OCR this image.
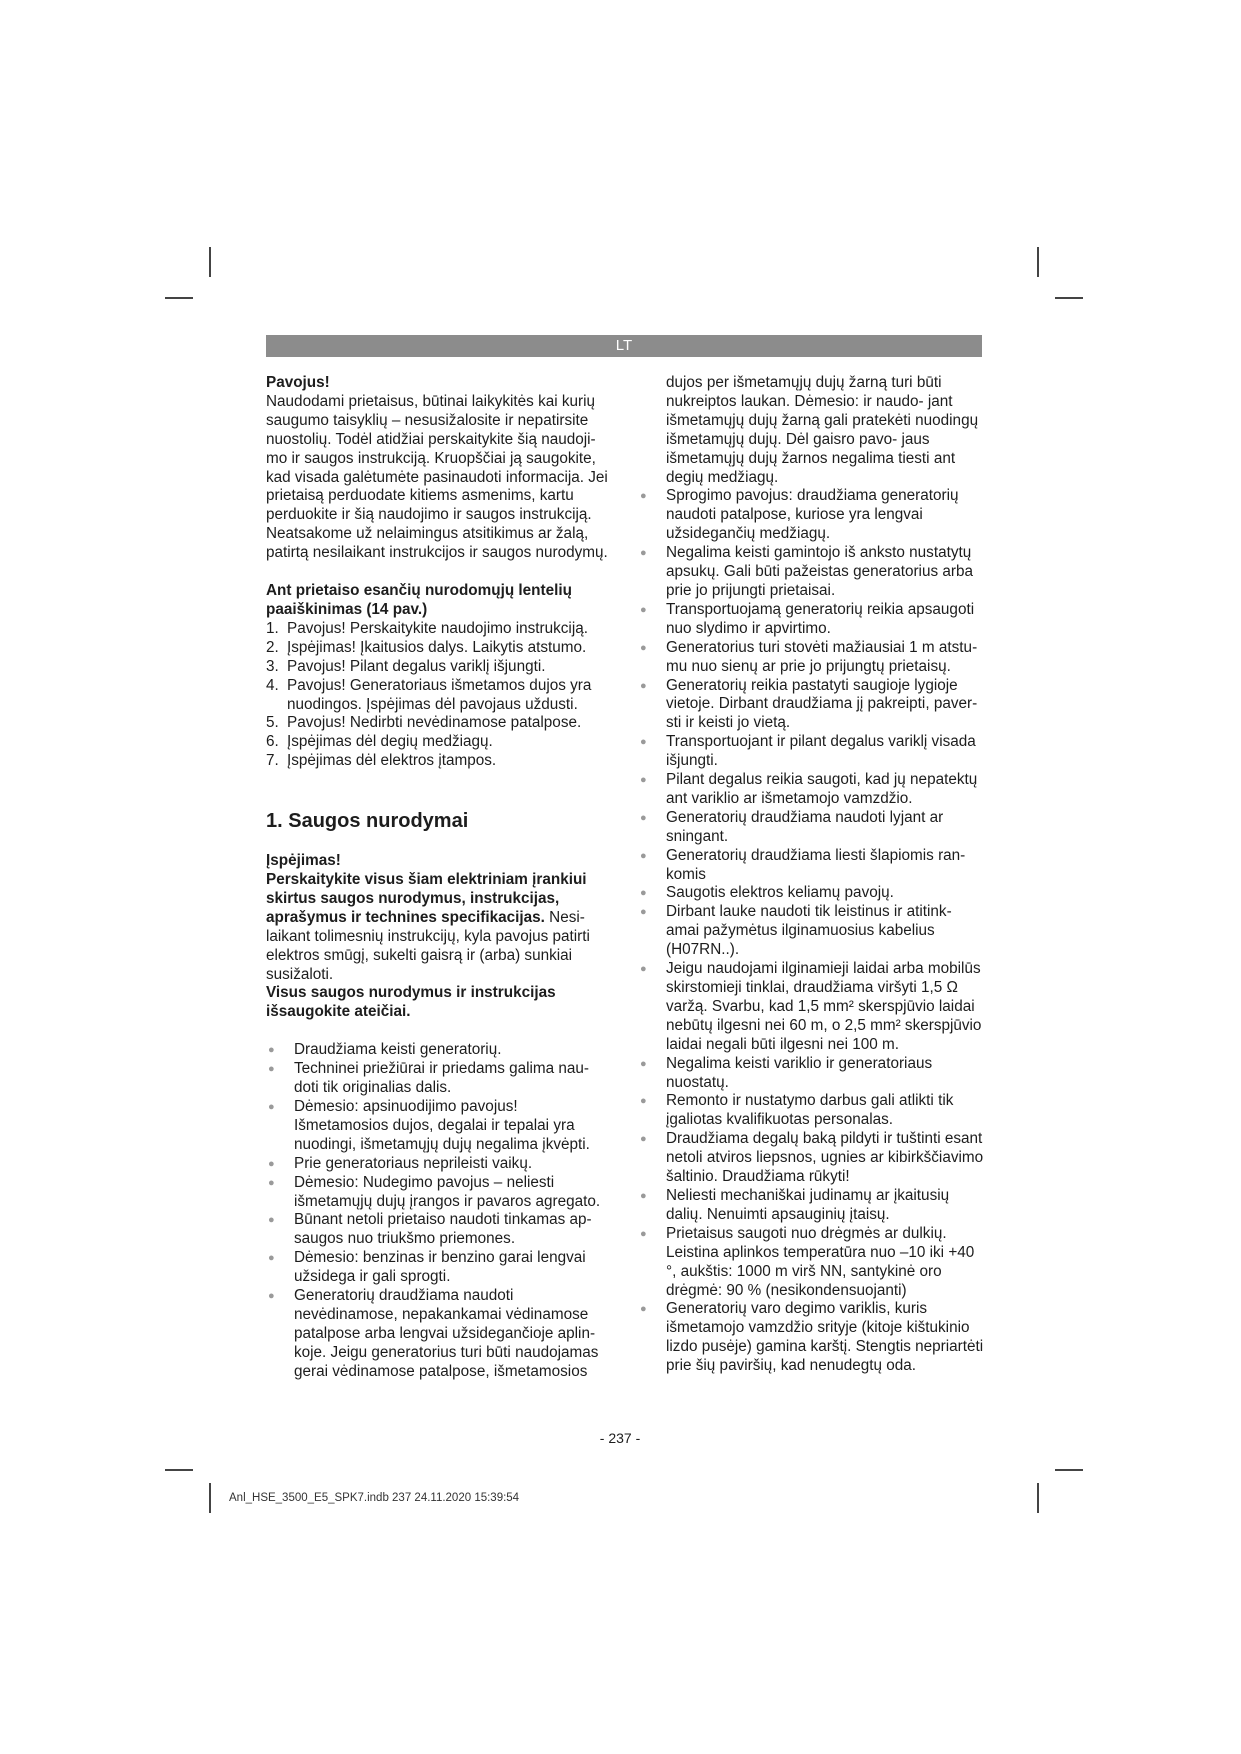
LT

Pavojus!

Naudodami prietaisus, būtinai laikykitės kai kurių saugumo taisyklių – nesusižalosite ir nepatirsite nuostolių. Todėl atidžiai perskaitykite šią naudoji- mo ir saugos instrukciją. Kruopščiai ją saugokite, kad visada galėtumėte pasinaudoti informacija. Jei prietaisą perduodate kitiems asmenims, kartu perduokite ir šią naudojimo ir saugos instrukciją. Neatsakome už nelaimingus atsitikimus ar žalą, patirtą nesilaikant instrukcijos ir saugos nurodymų.

Ant prietaiso esančių nurodomųjų lentelių paaiškinimas (14 pav.)

1. Pavojus! Perskaitykite naudojimo instrukciją.
2. Įspėjimas! Įkaitusios dalys. Laikytis atstumo.
3. Pavojus! Pilant degalus variklį išjungti.
4. Pavojus! Generatoriaus išmetamos dujos yra nuodingos. Įspėjimas dėl pavojaus uždusti.
5. Pavojus! Nedirbti nevėdinamose patalpose.
6. Įspėjimas dėl degių medžiagų.
7. Įspėjimas dėl elektros įtampos.

1. Saugos nurodymai

Įspėjimas!

Perskaitykite visus šiam elektriniam įrankiui skirtus saugos nurodymus, instrukcijas, aprašymus ir technines specifikacijas. Nesi- laikant tolimesnių instrukcijų, kyla pavojus patirti elektros smūgį, sukelti gaisrą ir (arba) sunkiai susižaloti.

Visus saugos nurodymus ir instrukcijas išsaugokite ateičiai.

● Draudžiama keisti generatorių.
● Techninei priežiūrai ir priedams galima nau- doti tik originalias dalis.
● Dėmesio: apsinuodijimo pavojus! Išmetamosios dujos, degalai ir tepalai yra nuodingi, išmetamųjų dujų negalima įkvėpti.
● Prie generatoriaus neprileisti vaikų.
● Dėmesio: Nudegimo pavojus – neliesti išmetamųjų dujų įrangos ir pavaros agregato.
● Būnant netoli prietaiso naudoti tinkamas ap- saugos nuo triukšmo priemones.
● Dėmesio: benzinas ir benzino garai lengvai užsidega ir gali sprogti.
● Generatorių draudžiama naudoti nevėdinamose, nepakankamai vėdinamose patalpose arba lengvai užsidegančioje aplin- koje. Jeigu generatorius turi būti naudojamas gerai vėdinamose patalpose, išmetamosios
dujos per išmetamųjų dujų žarną turi būti nukreiptos laukan. Dėmesio: ir naudo- jant išmetamųjų dujų žarną gali pratekėti nuodingų išmetamųjų dujų. Dėl gaisro pavo- jaus išmetamųjų dujų žarnos negalima tiesti ant degių medžiagų.
● Sprogimo pavojus: draudžiama generatorių naudoti patalpose, kuriose yra lengvai užsidegančių medžiagų.
● Negalima keisti gamintojo iš anksto nustatytų apsukų. Gali būti pažeistas generatorius arba prie jo prijungti prietaisai.
● Transportuojamą generatorių reikia apsaugoti nuo slydimo ir apvirtimo.
● Generatorius turi stovėti mažiausiai 1 m atstu- mu nuo sienų ar prie jo prijungtų prietaisų.
● Generatorių reikia pastatyti saugioje lygioje vietoje. Dirbant draudžiama jį pakreipti, paver- sti ir keisti jo vietą.
● Transportuojant ir pilant degalus variklį visada išjungti.
● Pilant degalus reikia saugoti, kad jų nepatektų ant variklio ar išmetamojo vamzdžio.
● Generatorių draudžiama naudoti lyjant ar sningant.
● Generatorių draudžiama liesti šlapiomis ran- komis
● Saugotis elektros keliamų pavojų.
● Dirbant lauke naudoti tik leistinus ir atitink- amai pažymėtus ilginamuosius kabelius (H07RN..).
● Jeigu naudojami ilginamieji laidai arba mobilūs skirstomieji tinklai, draudžiama viršyti 1,5 Ω varžą. Svarbu, kad 1,5 mm² skerspjūvio laidai nebūtų ilgesni nei 60 m, o 2,5 mm² skerspjūvio laidai negali būti ilgesni nei 100 m.
● Negalima keisti variklio ir generatoriaus nuostatų.
● Remonto ir nustatymo darbus gali atlikti tik įgaliotas kvalifikuotas personalas.
● Draudžiama degalų baką pildyti ir tuštinti esant netoli atviros liepsnos, ugnies ar kibirkščiavimo šaltinio. Draudžiama rūkyti!
● Neliesti mechaniškai judinamų ar įkaitusių dalių. Nenuimti apsauginių įtaisų.
● Prietaisus saugoti nuo drėgmės ar dulkių. Leistina aplinkos temperatūra nuo –10 iki +40 °, aukštis: 1000 m virš NN, santykinė oro drėgmė: 90 % (nesikondensuojanti)
● Generatorių varo degimo variklis, kuris išmetamojo vamzdžio srityje (kitoje kištukinio lizdo pusėje) gamina karštį. Stengtis nepriartėti prie šių paviršių, kad nenudegtų oda.
- 237 -
Anl_HSE_3500_E5_SPK7.indb 237 24.11.2020 15:39:54
